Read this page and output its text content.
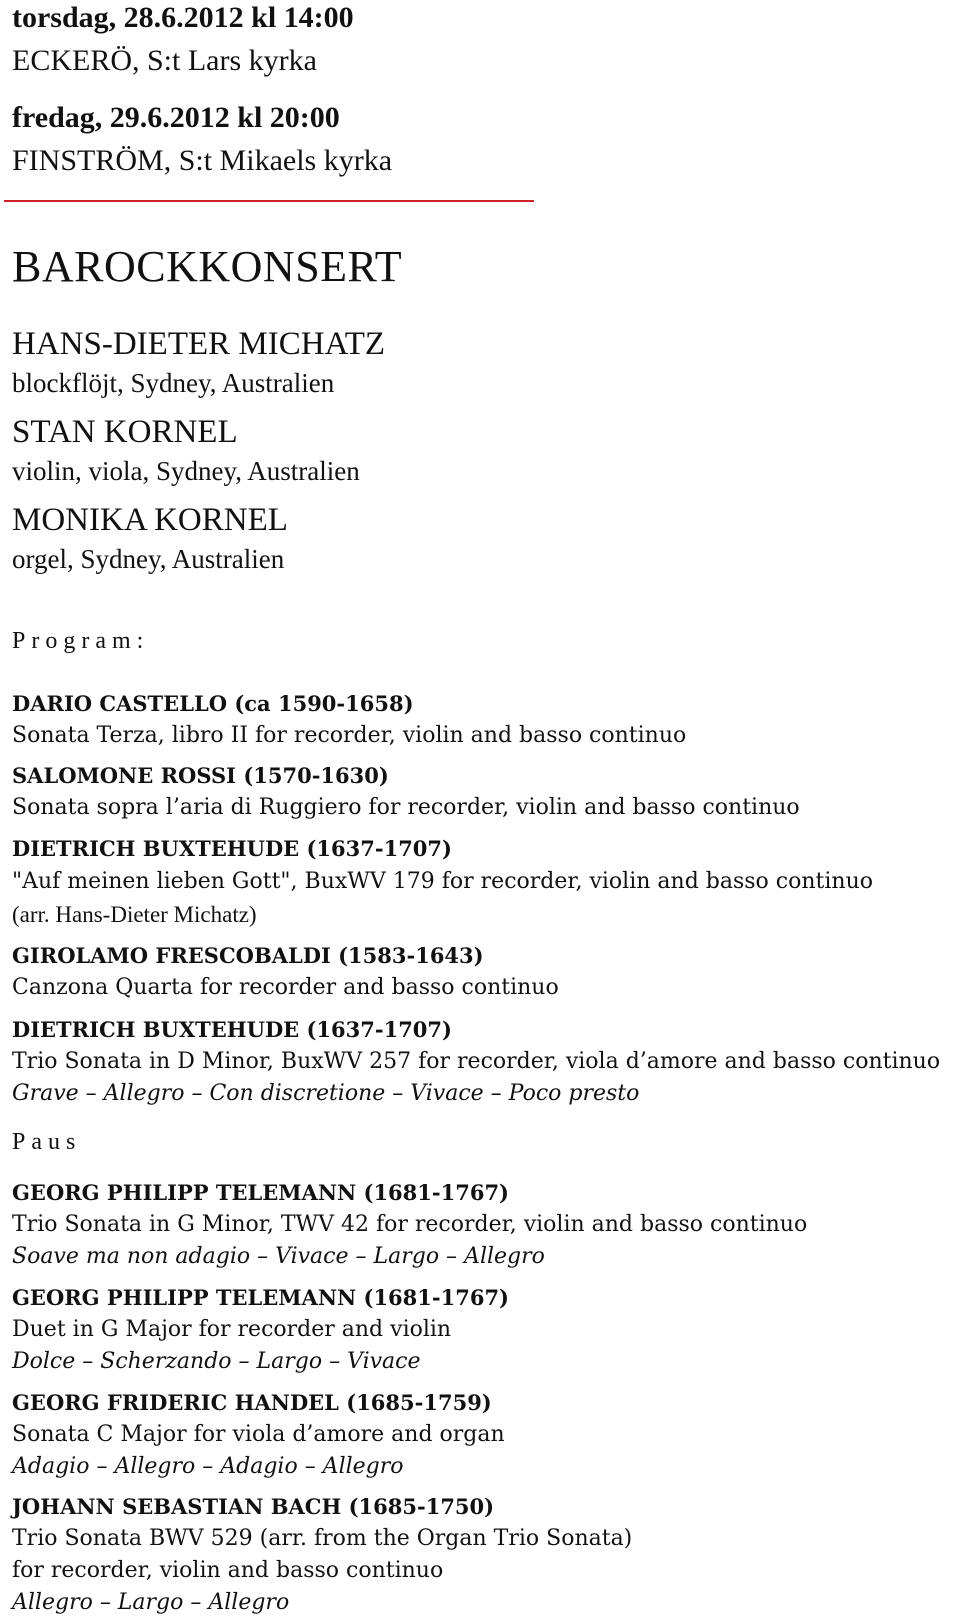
torsdag, 28.6.2012 kl 14:00
ECKERÖ, S:t Lars kyrka
fredag, 29.6.2012 kl 20:00
FINSTRÖM, S:t Mikaels kyrka
BAROCKKONSERT
HANS-DIETER MICHATZ
blockflöjt, Sydney, Australien
STAN KORNEL
violin, viola, Sydney, Australien
MONIKA KORNEL
orgel, Sydney, Australien
Program:
DARIO CASTELLO (ca 1590-1658)
Sonata Terza, libro II for recorder, violin and basso continuo
SALOMONE ROSSI (1570-1630)
Sonata sopra l’aria di Ruggiero for recorder, violin and basso continuo
DIETRICH BUXTEHUDE (1637-1707)
"Auf meinen lieben Gott", BuxWV 179 for recorder, violin and basso continuo
(arr. Hans-Dieter Michatz)
GIROLAMO FRESCOBALDI (1583-1643)
Canzona Quarta for recorder and basso continuo
DIETRICH BUXTEHUDE (1637-1707)
Trio Sonata in D Minor, BuxWV 257 for recorder, viola d’amore and basso continuo
Grave – Allegro – Con discretione – Vivace – Poco presto
Paus
GEORG PHILIPP TELEMANN (1681-1767)
Trio Sonata in G Minor, TWV 42 for recorder, violin and basso continuo
Soave ma non adagio – Vivace – Largo – Allegro
GEORG PHILIPP TELEMANN (1681-1767)
Duet in G Major for recorder and violin
Dolce – Scherzando – Largo – Vivace
GEORG FRIDERIC HANDEL (1685-1759)
Sonata C Major for viola d’amore and organ
Adagio – Allegro – Adagio – Allegro
JOHANN SEBASTIAN BACH (1685-1750)
Trio Sonata BWV 529 (arr. from the Organ Trio Sonata)
for recorder, violin and basso continuo
Allegro – Largo – Allegro
